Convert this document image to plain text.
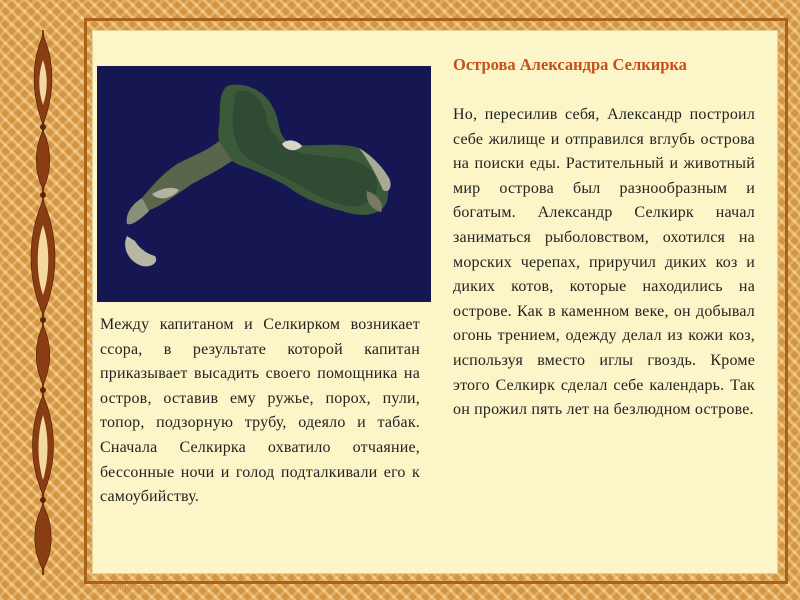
Острова Александра Селкирка
Между капитаном и Селкирком возникает ссора, в результате которой капитан приказывает высадить своего помощника на остров, оставив ему ружье, порох, пули, топор, подзорную трубу, одеяло и табак. Сначала Селкирка охватило отчаяние, бессонные ночи и голод подталкивали его к самоубийству.
Но, пересилив себя, Александр построил себе жилище и отправился вглубь острова на поиски еды. Растительный и животный мир острова был разнообразным и богатым. Александр Селкирк начал заниматься рыболовством, охотился на морских черепах, приручил диких коз и диких котов, которые находились на острове. Как в каменном веке, он добывал огонь трением, одежду делал из кожи коз, используя вместо иглы гвоздь. Кроме этого Селкирк сделал себе календарь. Так он прожил пять лет на безлюдном острове.
http://aida.ucoz.ru
